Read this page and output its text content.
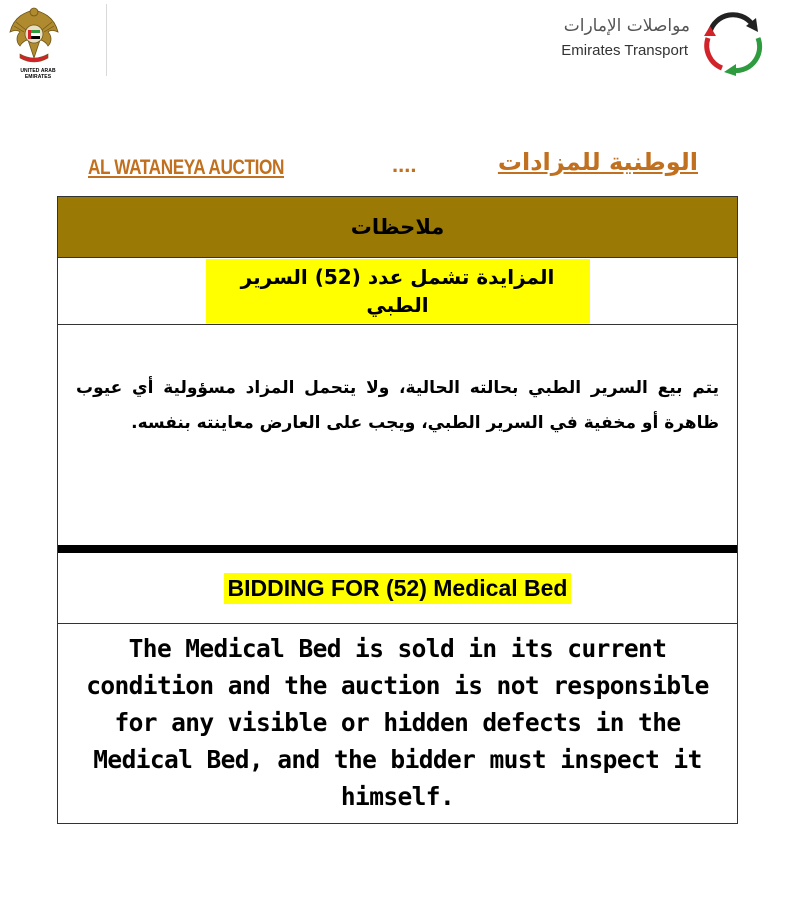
UNITED ARAB EMIRATES
مواصلات الإمارات
Emirates Transport
AL WATANEYA AUCTION	....	الوطنية للمزادات
ملاحظات
المزايدة تشمل عدد (52) السرير الطبي
يتم بيع السرير الطبي بحالته الحالية، ولا يتحمل المزاد مسؤولية أي عيوب ظاهرة أو مخفية في السرير الطبي، ويجب على العارض معاينته بنفسه.
BIDDING FOR (52) Medical Bed
The Medical Bed is sold in its current condition and the auction is not responsible for any visible or hidden defects in the Medical Bed, and the bidder must inspect it himself.
